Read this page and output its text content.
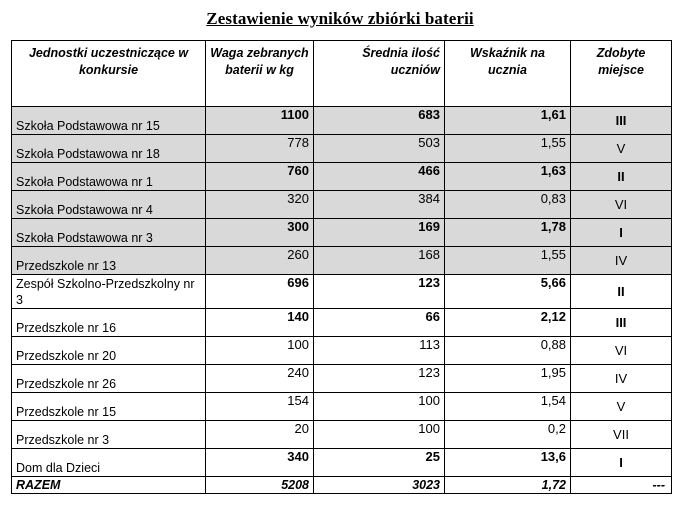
Zestawienie wyników zbiórki baterii
Jednostki uczestniczące w konkursie	Waga zebranych baterii w kg	Średnia ilość uczniów	Wskaźnik na ucznia	Zdobyte miejsce
Szkoła Podstawowa nr 15	1100	683	1,61	III
Szkoła Podstawowa nr 18	778	503	1,55	V
Szkoła Podstawowa nr 1	760	466	1,63	II
Szkoła Podstawowa nr 4	320	384	0,83	VI
Szkoła Podstawowa nr 3	300	169	1,78	I
Przedszkole nr 13	260	168	1,55	IV
Zespół Szkolno-Przedszkolny nr 3	696	123	5,66	II
Przedszkole nr 16	140	66	2,12	III
Przedszkole nr 20	100	113	0,88	VI
Przedszkole nr 26	240	123	1,95	IV
Przedszkole nr 15	154	100	1,54	V
Przedszkole nr 3	20	100	0,2	VII
Dom dla Dzieci	340	25	13,6	I
RAZEM	5208	3023	1,72	---
